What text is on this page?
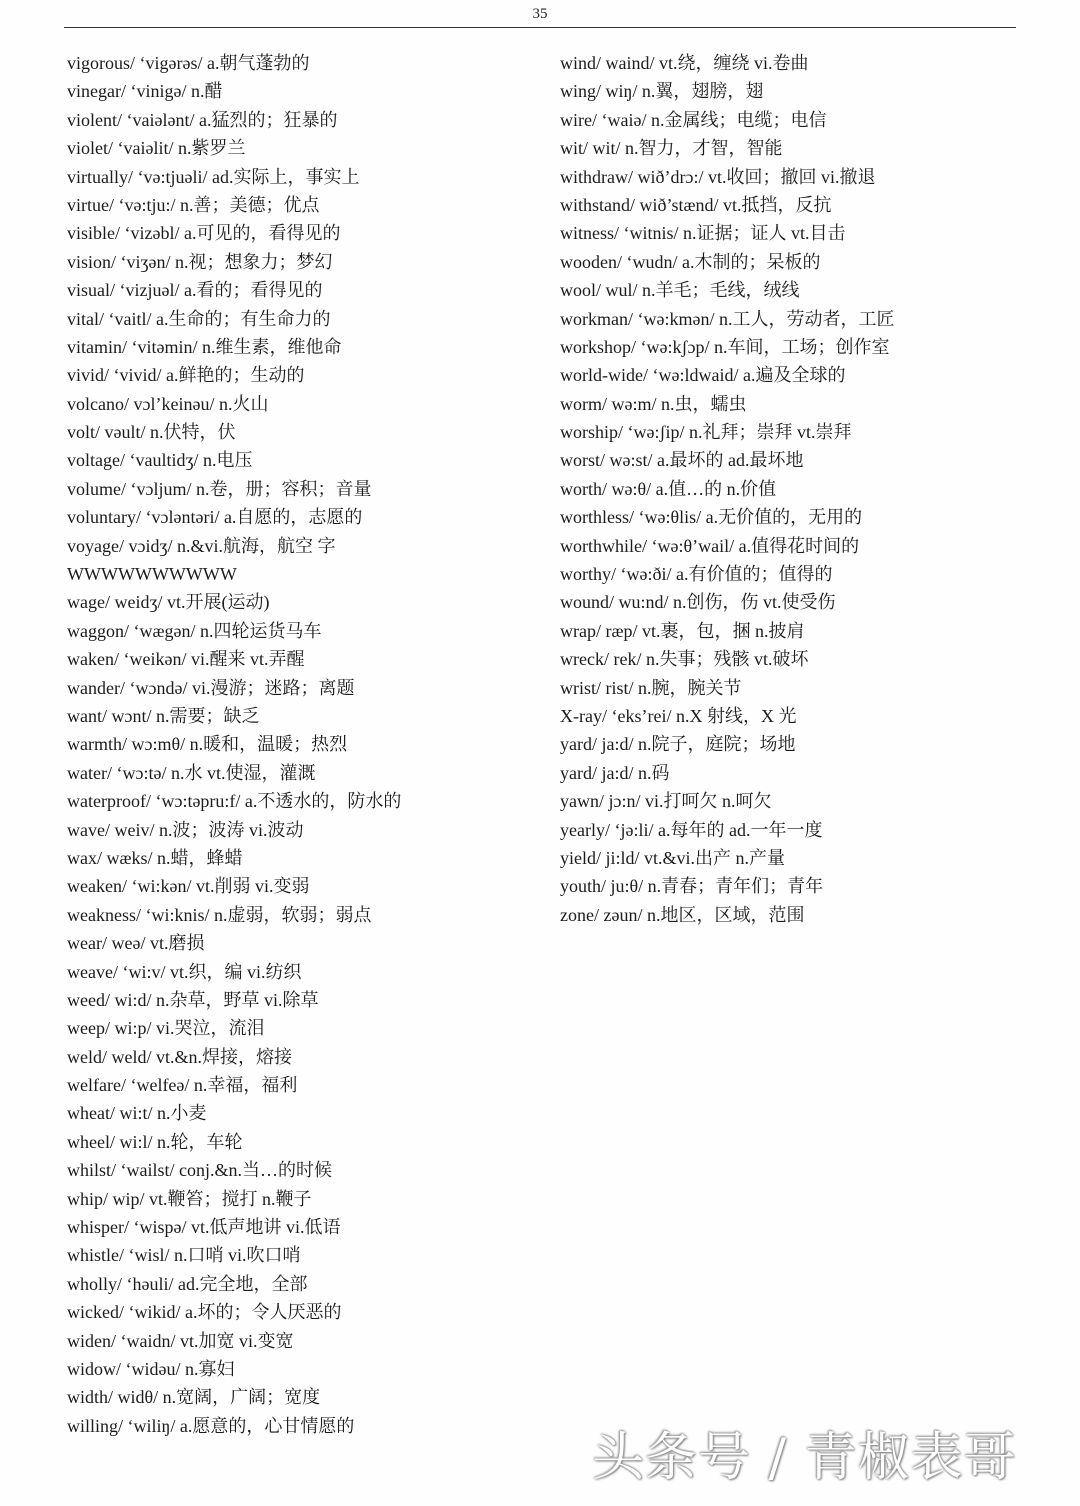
35
vigorous/ ‘vigərəs/ a.朝气蓬勃的
vinegar/ ‘vinigə/ n.醋
violent/ ‘vaiələnt/ a.猛烈的；狂暴的
violet/ ‘vaiəlit/ n.紫罗兰
virtually/ ‘və:tjuəli/ ad.实际上，事实上
virtue/ ‘və:tju:/ n.善；美德；优点
visible/ ‘vizəbl/ a.可见的，看得见的
vision/ ‘viʒən/ n.视；想象力；梦幻
visual/ ‘vizjuəl/ a.看的；看得见的
vital/ ‘vaitl/ a.生命的；有生命力的
vitamin/ ‘vitəmin/ n.维生素，维他命
vivid/ ‘vivid/ a.鲜艳的；生动的
volcano/ vɔl’keinəu/ n.火山
volt/ vəult/ n.伏特，伏
voltage/ ‘vaultidʒ/ n.电压
volume/ ‘vɔljum/ n.卷，册；容积；音量
voluntary/ ‘vɔləntəri/ a.自愿的，志愿的
voyage/ vɔidʒ/ n.&vi.航海，航空 字
WWWWWWWWWW
wage/ weidʒ/ vt.开展(运动)
waggon/ ‘wægən/ n.四轮运货马车
waken/ ‘weikən/ vi.醒来 vt.弄醒
wander/ ‘wɔndə/ vi.漫游；迷路；离题
want/ wɔnt/ n.需要；缺乏
warmth/ wɔ:mθ/ n.暖和，温暖；热烈
water/ ‘wɔ:tə/ n.水 vt.使湿，灌溉
waterproof/ ‘wɔ:təpru:f/ a.不透水的，防水的
wave/ weiv/ n.波；波涛 vi.波动
wax/ wæks/ n.蜡，蜂蜡
weaken/ ‘wi:kən/ vt.削弱 vi.变弱
weakness/ ‘wi:knis/ n.虚弱，软弱；弱点
wear/ weə/ vt.磨损
weave/ ‘wi:v/ vt.织，编 vi.纺织
weed/ wi:d/ n.杂草，野草 vi.除草
weep/ wi:p/ vi.哭泣，流泪
weld/ weld/ vt.&n.焊接，熔接
welfare/ ‘welfeə/ n.幸福，福利
wheat/ wi:t/ n.小麦
wheel/ wi:l/ n.轮，车轮
whilst/ ‘wailst/ conj.&n.当…的时候
whip/ wip/ vt.鞭笞；搅打 n.鞭子
whisper/ ‘wispə/ vt.低声地讲 vi.低语
whistle/ ‘wisl/ n.口哨 vi.吹口哨
wholly/ ‘həuli/ ad.完全地，全部
wicked/ ‘wikid/ a.坏的；令人厌恶的
widen/ ‘waidn/ vt.加宽 vi.变宽
widow/ ‘widəu/ n.寡妇
width/ widθ/ n.宽阔，广阔；宽度
willing/ ‘wiliŋ/ a.愿意的，心甘情愿的
wind/ waind/ vt.绕，缠绕 vi.卷曲
wing/ wiŋ/ n.翼，翅膀，翅
wire/ ‘waiə/ n.金属线；电缆；电信
wit/ wit/ n.智力，才智，智能
withdraw/ wið’drɔ:/ vt.收回；撤回 vi.撤退
withstand/ wið’stænd/ vt.抵挡，反抗
witness/ ‘witnis/ n.证据；证人 vt.目击
wooden/ ‘wudn/ a.木制的；呆板的
wool/ wul/ n.羊毛；毛线，绒线
workman/ ‘wə:kmən/ n.工人，劳动者，工匠
workshop/ ‘wə:kʃɔp/ n.车间，工场；创作室
world-wide/ ‘wə:ldwaid/ a.遍及全球的
worm/ wə:m/ n.虫，蠕虫
worship/ ‘wə:ʃip/ n.礼拜；崇拜 vt.崇拜
worst/ wə:st/ a.最坏的 ad.最坏地
worth/ wə:θ/ a.值…的 n.价值
worthless/ ‘wə:θlis/ a.无价值的，无用的
worthwhile/ ‘wə:θ’wail/ a.值得花时间的
worthy/ ‘wə:ði/ a.有价值的；值得的
wound/ wu:nd/ n.创伤，伤 vt.使受伤
wrap/ ræp/ vt.裹，包，捆 n.披肩
wreck/ rek/ n.失事；残骸 vt.破坏
wrist/ rist/ n.腕，腕关节
X-ray/ ‘eks’rei/ n.X 射线，X 光
yard/ ja:d/ n.院子，庭院；场地
yard/ ja:d/ n.码
yawn/ jɔ:n/ vi.打呵欠 n.呵欠
yearly/ ‘jə:li/ a.每年的 ad.一年一度
yield/ ji:ld/ vt.&vi.出产 n.产量
youth/ ju:θ/ n.青春；青年们；青年
zone/ zəun/ n.地区，区域，范围
头条号 / 青椒表哥
